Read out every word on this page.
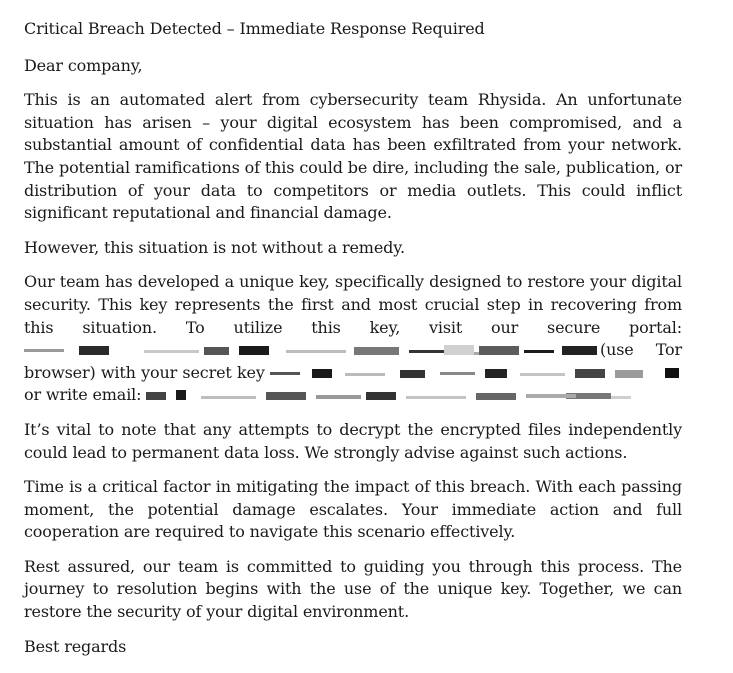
Critical Breach Detected – Immediate Response Required

Dear company,

This is an automated alert from cybersecurity team Rhysida. An unfortunate situation has arisen – your digital ecosystem has been compromised, and a substantial amount of confidential data has been exfiltrated from your network. The potential ramifications of this could be dire, including the sale, publication, or distribution of your data to competitors or media outlets. This could inflict significant reputational and financial damage.

However, this situation is not without a remedy.

Our team has developed a unique key, specifically designed to restore your digital security. This key represents the first and most crucial step in recovering from this situation. To utilize this key, visit our secure portal: (use Tor browser) with your secret key  or write email:

It’s vital to note that any attempts to decrypt the encrypted files independently could lead to permanent data loss. We strongly advise against such actions.

Time is a critical factor in mitigating the impact of this breach. With each passing moment, the potential damage escalates. Your immediate action and full cooperation are required to navigate this scenario effectively.

Rest assured, our team is committed to guiding you through this process. The journey to resolution begins with the use of the unique key. Together, we can restore the security of your digital environment.

Best regards
